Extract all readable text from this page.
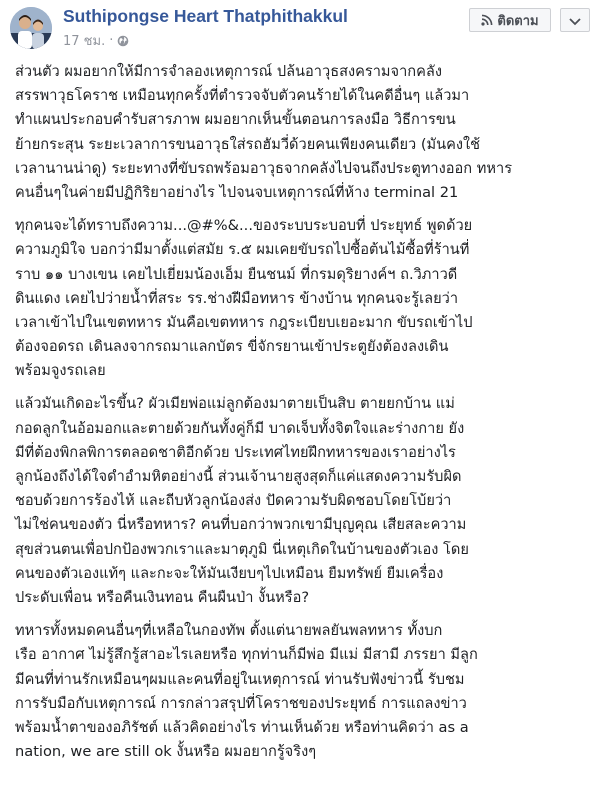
Suthipongse Heart Thatphithakkul
17 ชม. ·
ติดตาม
ส่วนตัว ผมอยากให้มีการจำลองเหตุการณ์ ปล้นอาวุธสงครามจากคลัง
สรรพาวุธโคราช เหมือนทุกครั้งที่ตำรวจจับตัวคนร้ายได้ในคดีอื่นๆ แล้วมา
ทำแผนประกอบคำรับสารภาพ ผมอยากเห็นขั้นตอนการลงมือ วิธีการขน
ย้ายกระสุน ระยะเวลาการขนอาวุธใส่รถฮัมวี่ด้วยคนเพียงคนเดียว (มันคงใช้
เวลานานน่าดู) ระยะทางที่ขับรถพร้อมอาวุธจากคลังไปจนถึงประตูทางออก ทหาร
คนอื่นๆในค่ายมีปฏิกิริยาอย่างไร ไปจนจบเหตุการณ์ที่ห้าง terminal 21
ทุกคนจะได้ทราบถึงความ...@#%&...ของระบบระบอบที่ ประยุทธ์ พูดด้วย
ความภูมิใจ บอกว่ามีมาตั้งแต่สมัย ร.๕ ผมเคยขับรถไปซื้อต้นไม้ซื้อที่ร้านที่
ราบ ๑๑ บางเขน เคยไปเยี่ยมน้องเอ็ม ยืนชนม์ ที่กรมดุริยางค์ฯ ถ.วิภาวดี
ดินแดง เคยไปว่ายน้ำที่สระ รร.ช่างฝีมือทหาร ข้างบ้าน ทุกคนจะรู้เลยว่า
เวลาเข้าไปในเขตทหาร มันคือเขตทหาร กฎระเบียบเยอะมาก ขับรถเข้าไป
ต้องจอดรถ เดินลงจากรถมาแลกบัตร ขี่จักรยานเข้าประตูยังต้องลงเดิน
พร้อมจูงรถเลย
แล้วมันเกิดอะไรขึ้น? ผัวเมียพ่อแม่ลูกต้องมาตายเป็นสิบ ตายยกบ้าน แม่
กอดลูกในอ้อมอกและตายด้วยกันทั้งคู่ก็มี บาดเจ็บทั้งจิตใจและร่างกาย ยัง
มีที่ต้องพิกลพิการตลอดชาติอีกด้วย ประเทศไทยฝึกทหารของเราอย่างไร
ลูกน้องถึงได้ใจดำอำมหิตอย่างนี้ ส่วนเจ้านายสูงสุดก็แค่แสดงความรับผิด
ชอบด้วยการร้องไห้ และถีบหัวลูกน้องส่ง ปัดความรับผิดชอบโดยโบ้ยว่า
ไม่ใช่คนของตัว นี่หรือทหาร? คนที่บอกว่าพวกเขามีบุญคุณ เสียสละความ
สุขส่วนตนเพื่อปกป้องพวกเราและมาตุภูมิ นี่เหตุเกิดในบ้านของตัวเอง โดย
คนของตัวเองแท้ๆ และกะจะให้มันเงียบๆไปเหมือน ยืมทรัพย์ ยืมเครื่อง
ประดับเพื่อน หรือคืนเงินทอน คืนผืนป่า งั้นหรือ?
ทหารทั้งหมดคนอื่นๆที่เหลือในกองทัพ ตั้งแต่นายพลยันพลทหาร ทั้งบก
เรือ อากาศ ไม่รู้สึกรู้สาอะไรเลยหรือ ทุกท่านก็มีพ่อ มีแม่ มีสามี ภรรยา มีลูก
มีคนที่ท่านรักเหมือนๆผมและคนที่อยู่ในเหตุการณ์ ท่านรับฟังข่าวนี้ รับชม
การรับมือกับเหตุการณ์ การกล่าวสรุปที่โคราชของประยุทธ์ การแถลงข่าว
พร้อมน้ำตาของอภิรัชต์ แล้วคิดอย่างไร ท่านเห็นด้วย หรือท่านคิดว่า as a
nation, we are still ok งั้นหรือ ผมอยากรู้จริงๆ
